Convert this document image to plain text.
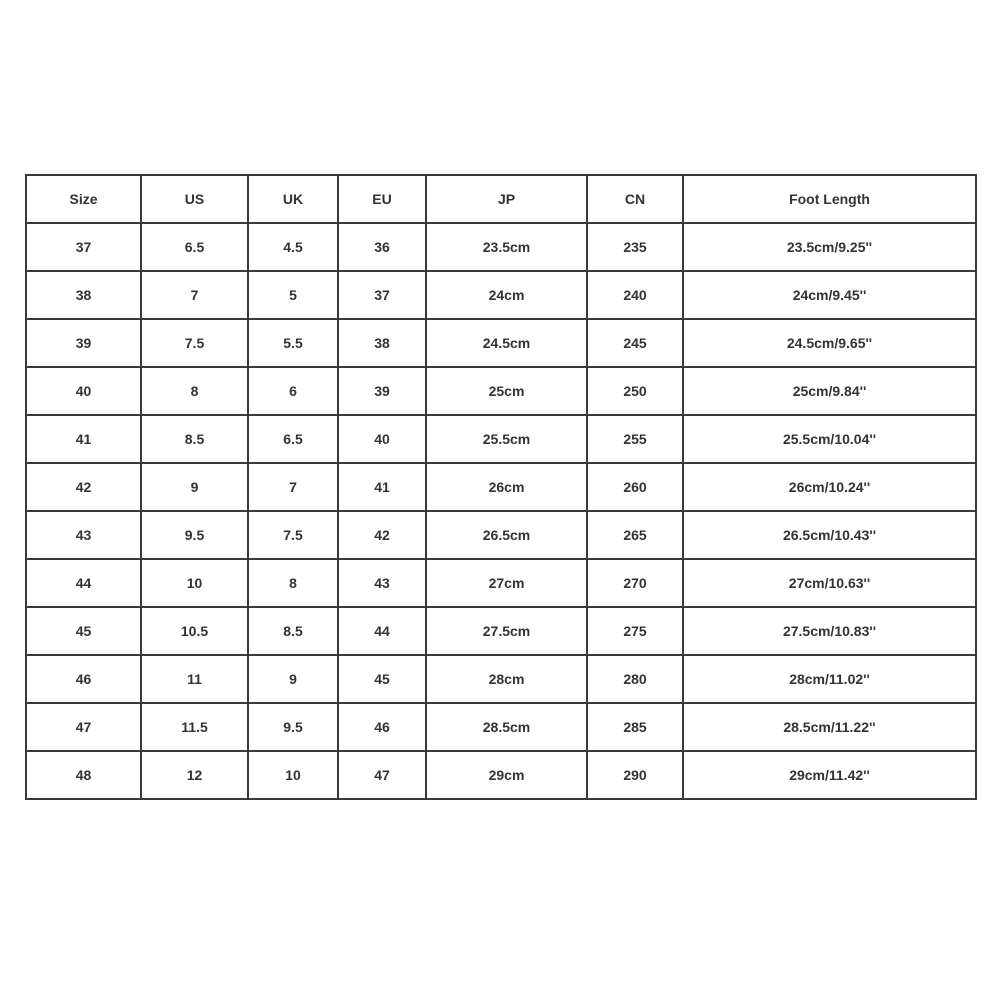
Size	US	UK	EU	JP	CN	Foot Length
37	6.5	4.5	36	23.5cm	235	23.5cm/9.25''
38	7	5	37	24cm	240	24cm/9.45''
39	7.5	5.5	38	24.5cm	245	24.5cm/9.65''
40	8	6	39	25cm	250	25cm/9.84''
41	8.5	6.5	40	25.5cm	255	25.5cm/10.04''
42	9	7	41	26cm	260	26cm/10.24''
43	9.5	7.5	42	26.5cm	265	26.5cm/10.43''
44	10	8	43	27cm	270	27cm/10.63''
45	10.5	8.5	44	27.5cm	275	27.5cm/10.83''
46	11	9	45	28cm	280	28cm/11.02''
47	11.5	9.5	46	28.5cm	285	28.5cm/11.22''
48	12	10	47	29cm	290	29cm/11.42''
